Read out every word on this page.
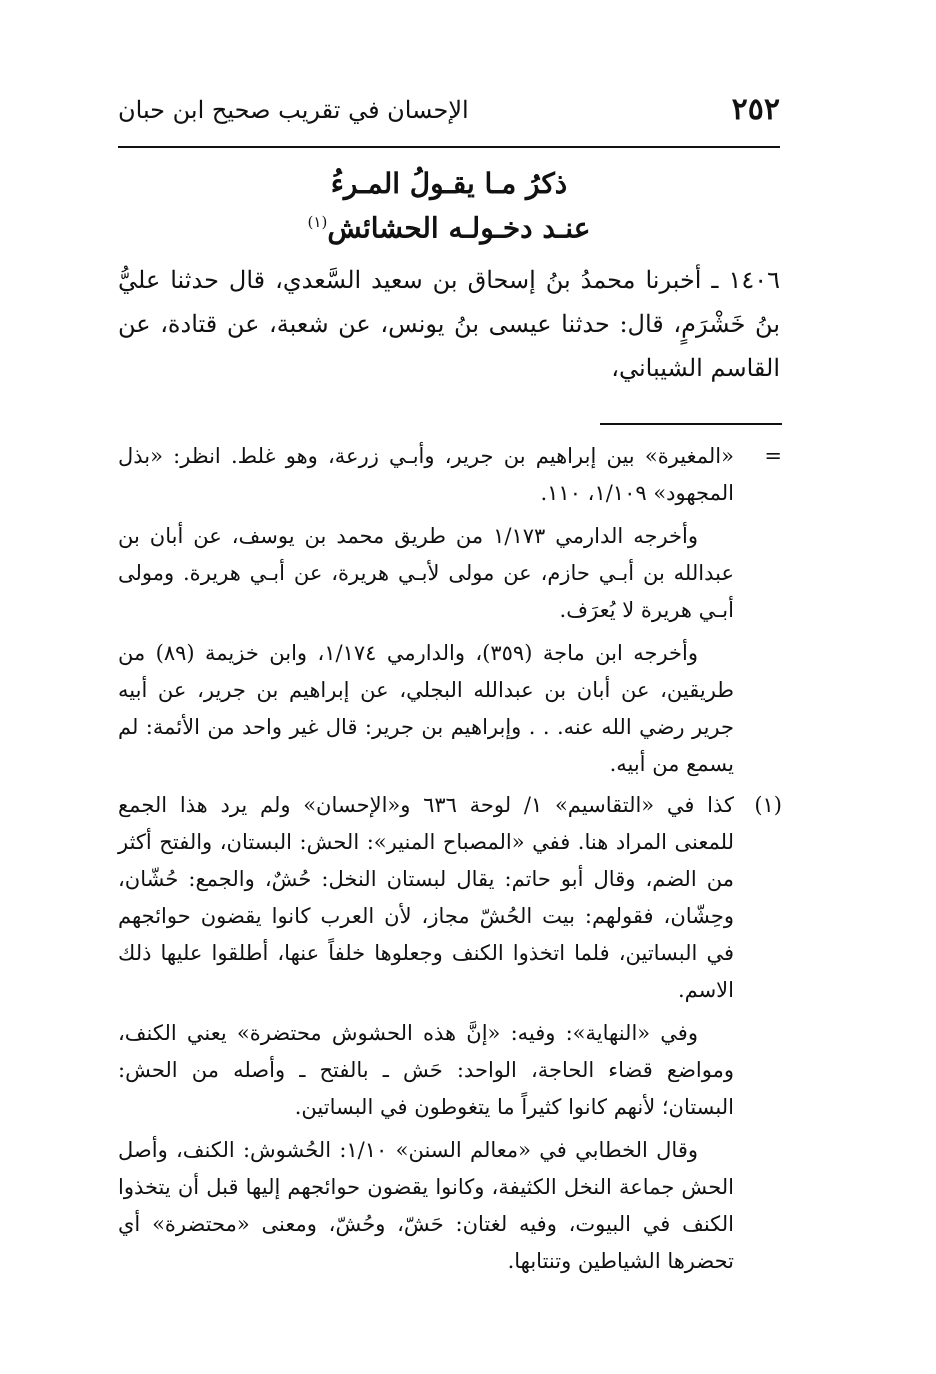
٢٥٢
الإحسان في تقريب صحيح ابن حبان
ذكرُ مـا يقـولُ المـرءُ
عنـد دخـولـه الحشائش$^{(١)}$

١٤٠٦ ـ أخبرنا محمدُ بنُ إسحاق بن سعيد السَّعدي، قال حدثنا عليُّ بنُ خَشْرَمٍ، قال: حدثنا عيسى بنُ يونس، عن شعبة، عن قتادة، عن القاسم الشيباني،

=

«المغيرة» بين إبراهيم بن جرير، وأبـي زرعة، وهو غلط. انظر: «بذل المجهود» ١/١٠٩، ١١٠.

وأخرجه الدارمي ١/١٧٣ من طريق محمد بن يوسف، عن أبان بن عبدالله بن أبـي حازم، عن مولى لأبـي هريرة، عن أبـي هريرة. ومولى أبـي هريرة لا يُعرَف.

وأخرجه ابن ماجة (٣٥٩)، والدارمي ١/١٧٤، وابن خزيمة (٨٩) من طريقين، عن أبان بن عبدالله البجلي، عن إبراهيم بن جرير، عن أبيه جرير رضي الله عنه. . . وإبراهيم بن جرير: قال غير واحد من الأئمة: لم يسمع من أبيه.

(١)

كذا في «التقاسيم» ١/ لوحة ٦٣٦ و«الإحسان» ولم يرد هذا الجمع للمعنى المراد هنا. ففي «المصباح المنير»: الحش: البستان، والفتح أكثر من الضم، وقال أبو حاتم: يقال لبستان النخل: حُشٌ، والجمع: حُشّان، وحِشّان، فقولهم: بيت الحُشّ مجاز، لأن العرب كانوا يقضون حوائجهم في البساتين، فلما اتخذوا الكنف وجعلوها خلفاً عنها، أطلقوا عليها ذلك الاسم.

وفي «النهاية»: وفيه: «إنَّ هذه الحشوش محتضرة» يعني الكنف، ومواضع قضاء الحاجة، الواحد: حَش ـ بالفتح ـ وأصله من الحش: البستان؛ لأنهم كانوا كثيراً ما يتغوطون في البساتين.

وقال الخطابي في «معالم السنن» ١/١٠: الحُشوش: الكنف، وأصل الحش جماعة النخل الكثيفة، وكانوا يقضون حوائجهم إليها قبل أن يتخذوا الكنف في البيوت، وفيه لغتان: حَشّ، وحُشّ، ومعنى «محتضرة» أي تحضرها الشياطين وتنتابها.
